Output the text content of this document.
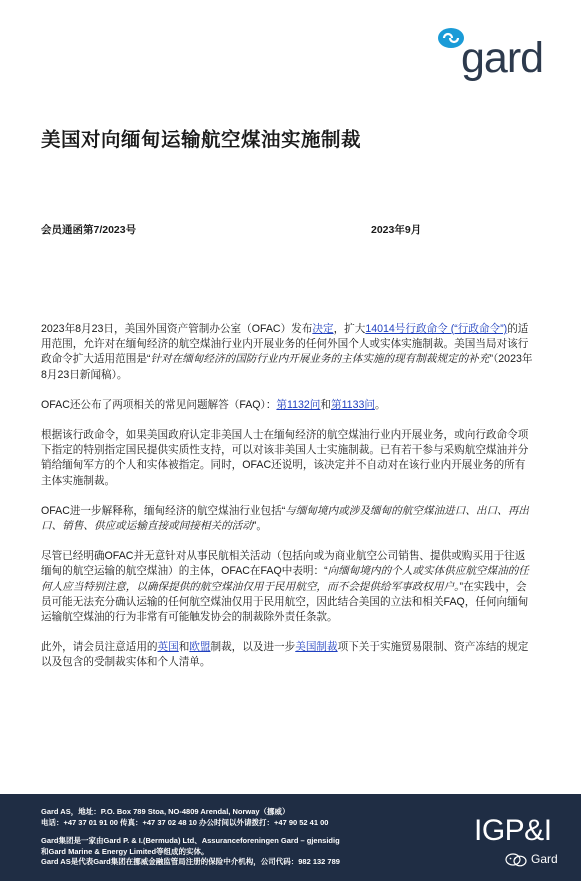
gard
美国对向缅甸运输航空煤油实施制裁
会员通函第7/2023号	2023年9月

2023年8月23日，美国外国资产管制办公室（OFAC）发布决定，扩大14014号行政命令 (“行政命令”)的适用范围，允许对在缅甸经济的航空煤油行业内开展业务的任何外国个人或实体实施制裁。美国当局对该行政命令扩大适用范围是“针对在缅甸经济的国防行业内开展业务的主体实施的现有制裁规定的补充”（2023年8月23日新闻稿）。

OFAC还公布了两项相关的常见问题解答（FAQ）：第1132问和第1133问。

根据该行政命令，如果美国政府认定非美国人士在缅甸经济的航空煤油行业内开展业务，或向行政命令项下指定的特别指定国民提供实质性支持，可以对该非美国人士实施制裁。已有若干参与采购航空煤油并分销给缅甸军方的个人和实体被指定。同时，OFAC还说明，该决定并不自动对在该行业内开展业务的所有主体实施制裁。

OFAC进一步解释称，缅甸经济的航空煤油行业包括“与缅甸境内或涉及缅甸的航空煤油进口、出口、再出口、销售、供应或运输直接或间接相关的活动”。

尽管已经明确OFAC并无意针对从事民航相关活动（包括向或为商业航空公司销售、提供或购买用于往返缅甸的航空运输的航空煤油）的主体，OFAC在FAQ中表明：“向缅甸境内的个人或实体供应航空煤油的任何人应当特别注意，以确保提供的航空煤油仅用于民用航空，而不会提供给军事政权用户。”在实践中，会员可能无法充分确认运输的任何航空煤油仅用于民用航空，因此结合美国的立法和相关FAQ，任何向缅甸运输航空煤油的行为非常有可能触发协会的制裁除外责任条款。

此外，请会员注意适用的英国和欧盟制裁，以及进一步美国制裁项下关于实施贸易限制、资产冻结的规定以及包含的受制裁实体和个人清单。

Gard AS，地址：P.O. Box 789 Stoa, NO-4809 Arendal, Norway（挪威）
电话：+47 37 01 91 00 传真：+47 37 02 48 10 办公时间以外请拨打：+47 90 52 41 00
Gard集团是一家由Gard P. & I.(Bermuda) Ltd、Assuranceforeningen Gard – gjensidig
和Gard Marine & Energy Limited等组成的实体。
Gard AS是代表Gard集团在挪威金融监管局注册的保险中介机构，公司代码：982 132 789
IGP&I
Gard
